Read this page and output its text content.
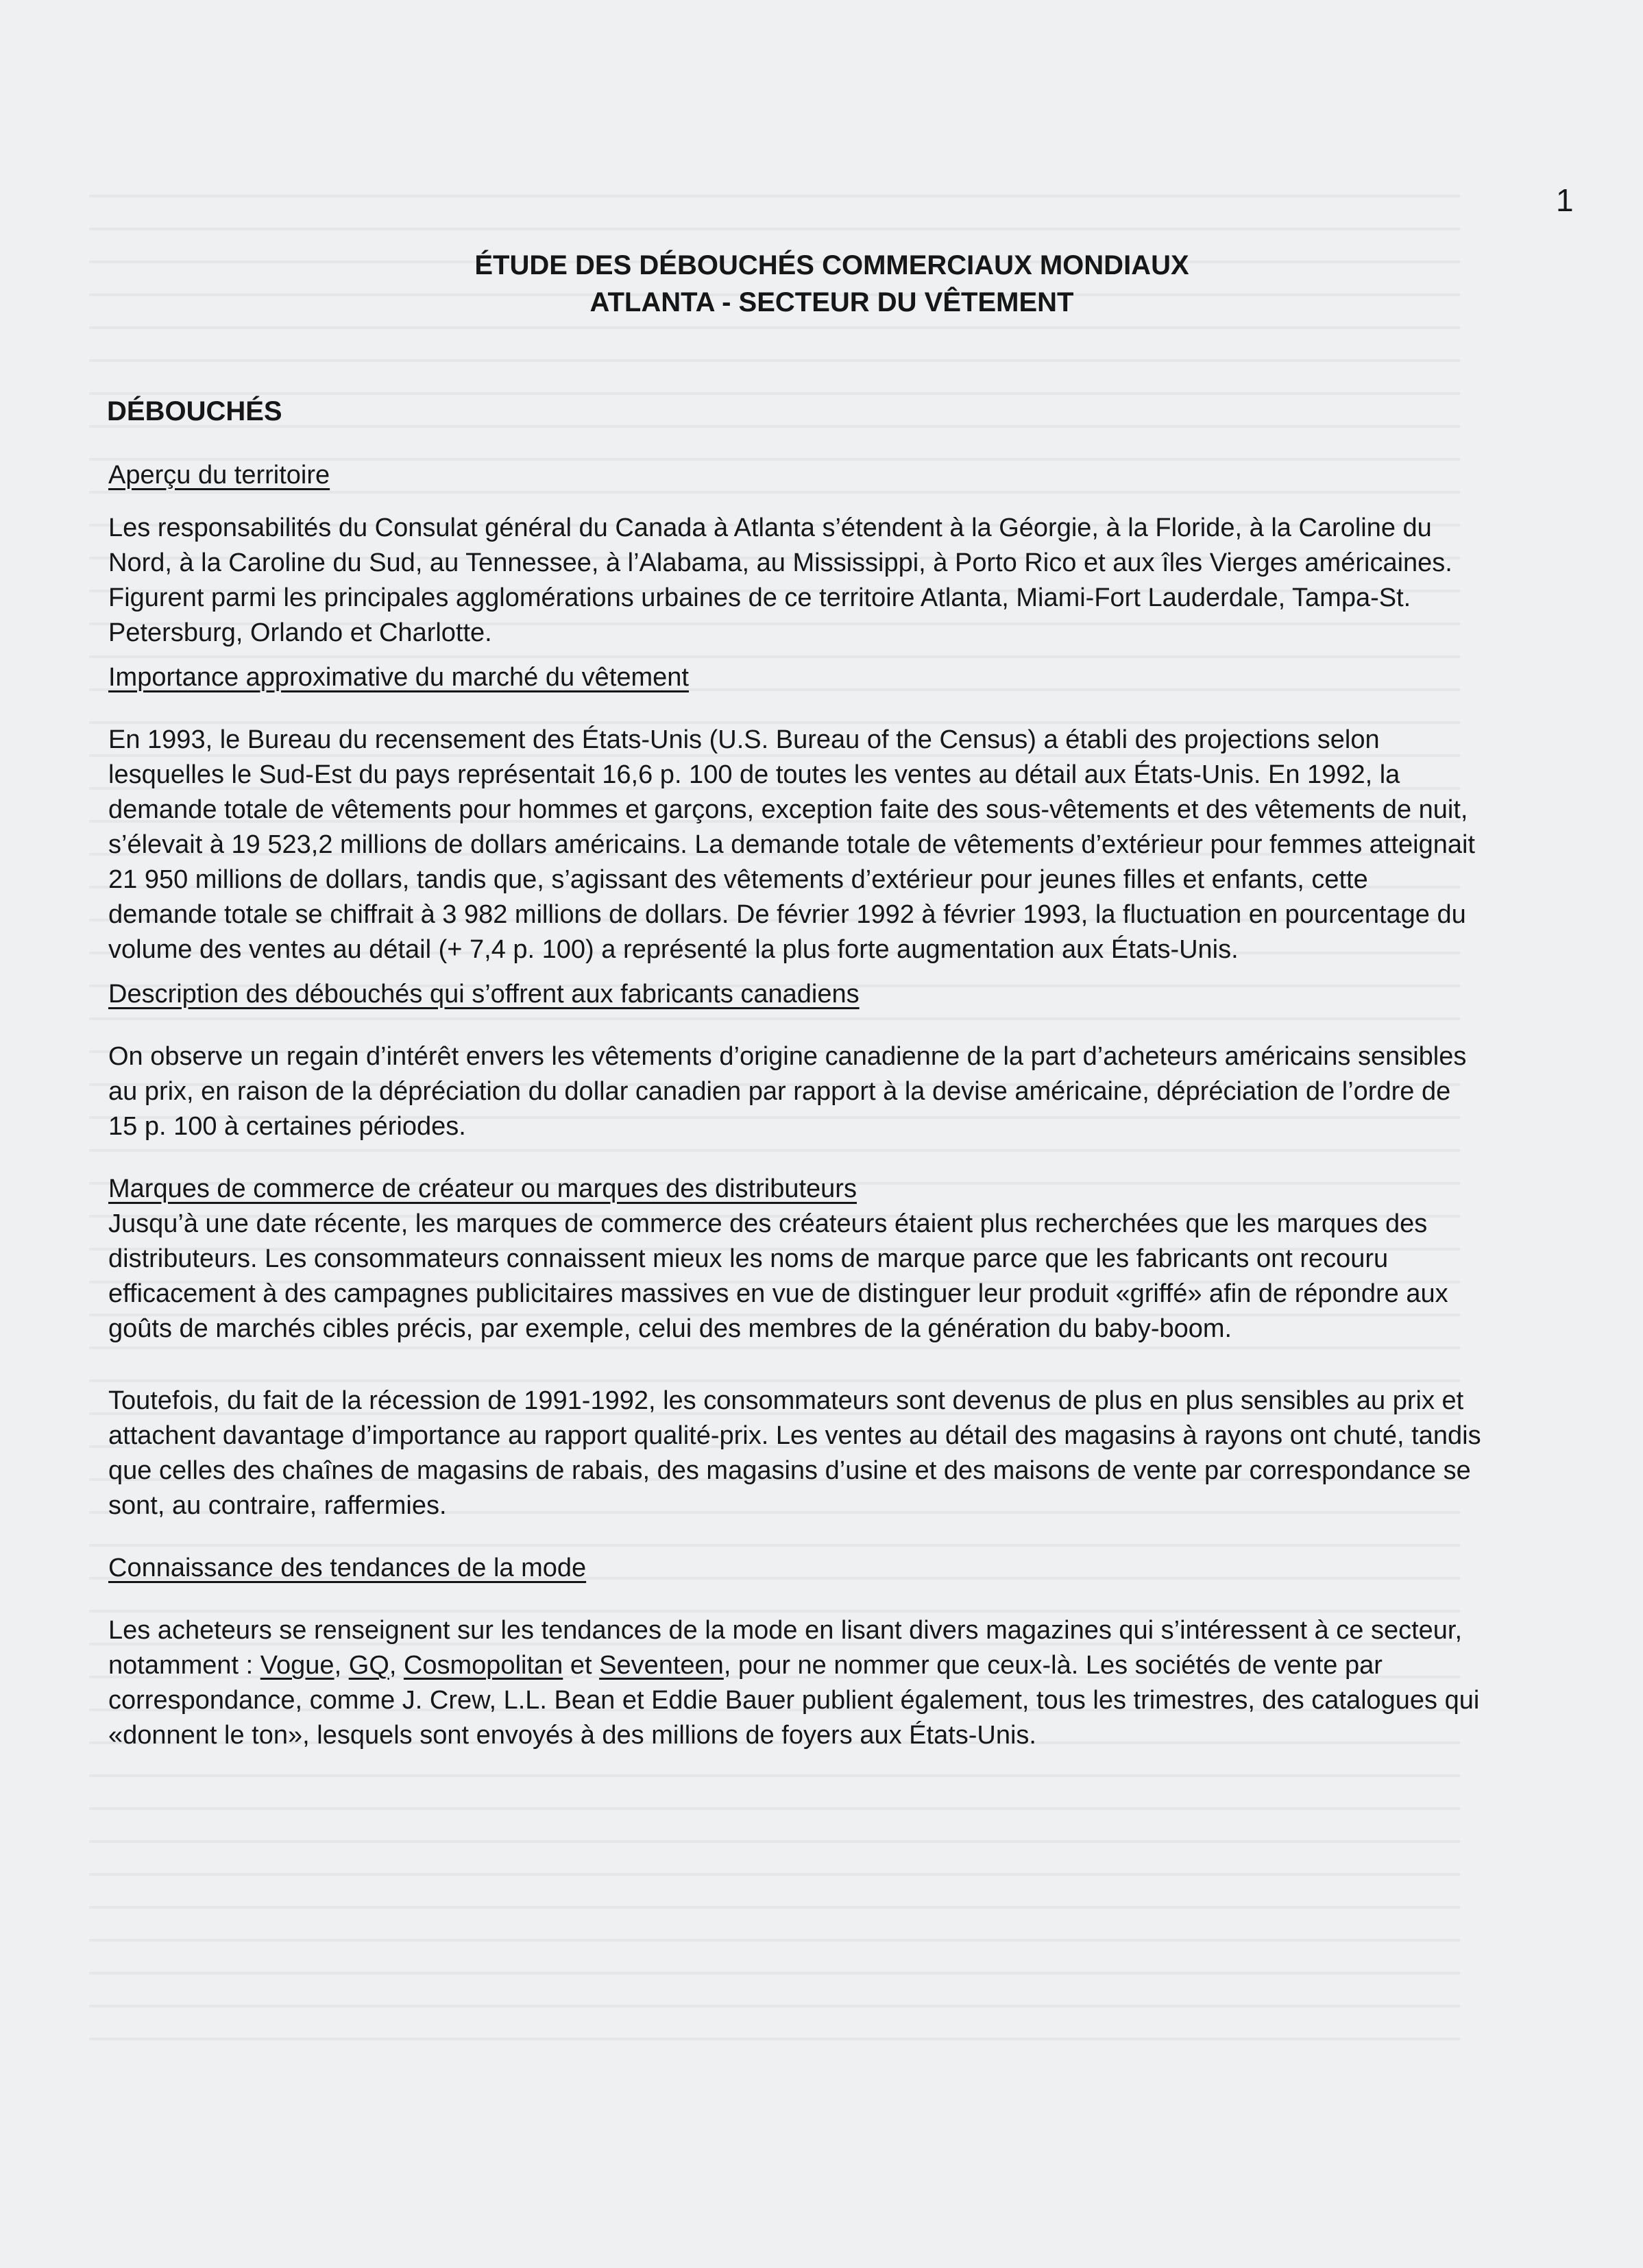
1
ÉTUDE DES DÉBOUCHÉS COMMERCIAUX MONDIAUX
ATLANTA - SECTEUR DU VÊTEMENT
DÉBOUCHÉS
Aperçu du territoire

Les responsabilités du Consulat général du Canada à Atlanta s’étendent à la Géorgie, à la Floride, à la Caroline du Nord, à la Caroline du Sud, au Tennessee, à l’Alabama, au Mississippi, à Porto Rico et aux îles Vierges américaines. Figurent parmi les principales agglomérations urbaines de ce territoire Atlanta, Miami-Fort Lauderdale, Tampa-St. Petersburg, Orlando et Charlotte.

Importance approximative du marché du vêtement

En 1993, le Bureau du recensement des États-Unis (U.S. Bureau of the Census) a établi des projections selon lesquelles le Sud-Est du pays représentait 16,6 p. 100 de toutes les ventes au détail aux États-Unis. En 1992, la demande totale de vêtements pour hommes et garçons, exception faite des sous-vêtements et des vêtements de nuit, s’élevait à 19 523,2 millions de dollars américains. La demande totale de vêtements d’extérieur pour femmes atteignait 21 950 millions de dollars, tandis que, s’agissant des vêtements d’extérieur pour jeunes filles et enfants, cette demande totale se chiffrait à 3 982 millions de dollars. De février 1992 à février 1993, la fluctuation en pourcentage du volume des ventes au détail (+ 7,4 p. 100) a représenté la plus forte augmentation aux États-Unis.

Description des débouchés qui s’offrent aux fabricants canadiens

On observe un regain d’intérêt envers les vêtements d’origine canadienne de la part d’acheteurs américains sensibles au prix, en raison de la dépréciation du dollar canadien par rapport à la devise américaine, dépréciation de l’ordre de 15 p. 100 à certaines périodes.

Marques de commerce de créateur ou marques des distributeurs

Jusqu’à une date récente, les marques de commerce des créateurs étaient plus recherchées que les marques des distributeurs. Les consommateurs connaissent mieux les noms de marque parce que les fabricants ont recouru efficacement à des campagnes publicitaires massives en vue de distinguer leur produit «griffé» afin de répondre aux goûts de marchés cibles précis, par exemple, celui des membres de la génération du baby-boom.

Toutefois, du fait de la récession de 1991-1992, les consommateurs sont devenus de plus en plus sensibles au prix et attachent davantage d’importance au rapport qualité-prix. Les ventes au détail des magasins à rayons ont chuté, tandis que celles des chaînes de magasins de rabais, des magasins d’usine et des maisons de vente par correspondance se sont, au contraire, raffermies.

Connaissance des tendances de la mode

Les acheteurs se renseignent sur les tendances de la mode en lisant divers magazines qui s’intéressent à ce secteur, notamment : Vogue, GQ, Cosmopolitan et Seventeen, pour ne nommer que ceux-là. Les sociétés de vente par correspondance, comme J. Crew, L.L. Bean et Eddie Bauer publient également, tous les trimestres, des catalogues qui «donnent le ton», lesquels sont envoyés à des millions de foyers aux États-Unis.
